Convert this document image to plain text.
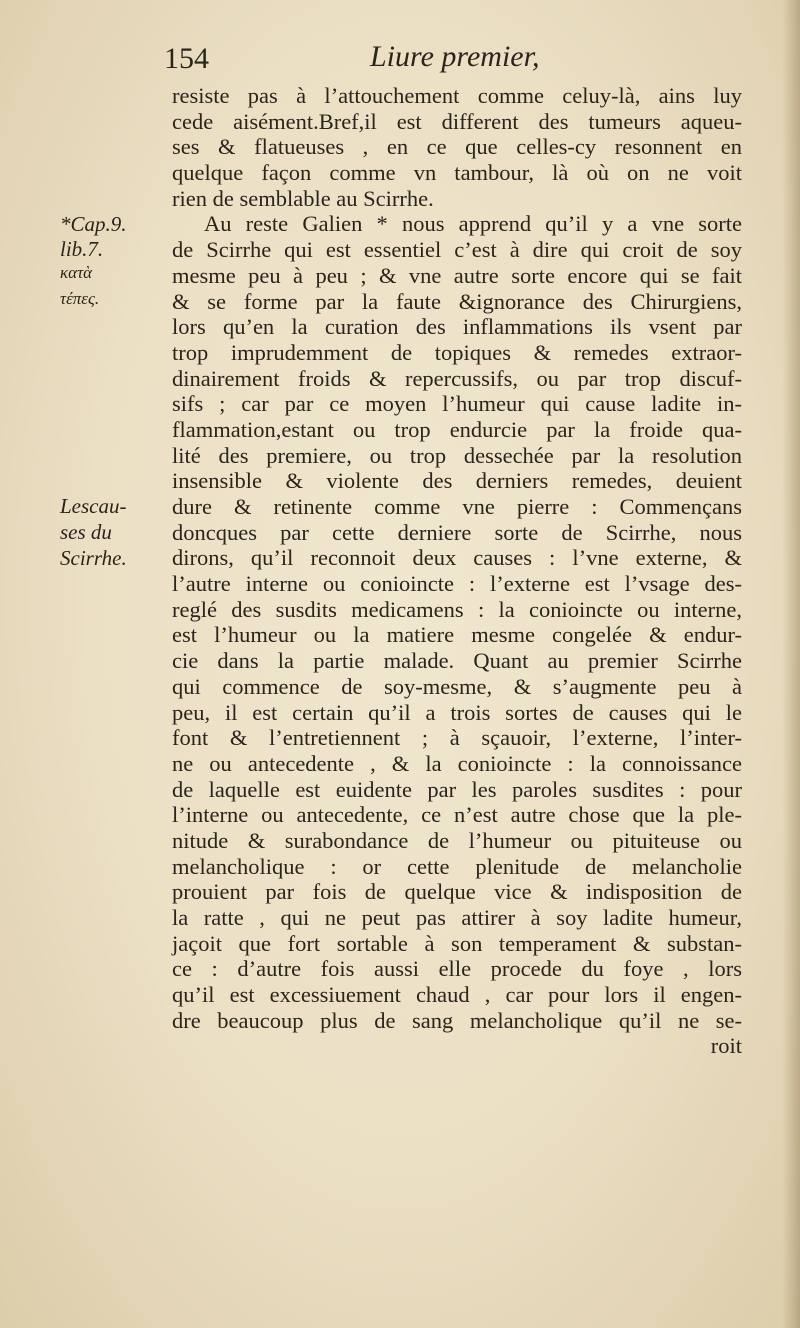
154	Liure premier,
*Cap.9.
lib.7.
κατὰ
τέπες.
Lescau-
ses du
Scirrhe.
resiste pas à l’attouchement comme celuy-là, ains luy
cede aisément.Bref,il est different des tumeurs aqueu-
ses & flatueuses , en ce que celles-cy resonnent en
quelque façon comme vn tambour, là où on ne voit
rien de semblable au Scirrhe.
Au reste Galien * nous apprend qu’il y a vne sorte
de Scirrhe qui est essentiel c’est à dire qui croit de soy
mesme peu à peu ; & vne autre sorte encore qui se fait
& se forme par la faute &ignorance des Chirurgiens,
lors qu’en la curation des inflammations ils vsent par
trop imprudemment de topiques & remedes extraor-
dinairement froids & repercussifs, ou par trop discuf-
sifs ; car par ce moyen l’humeur qui cause ladite in-
flammation,estant ou trop endurcie par la froide qua-
lité des premiere, ou trop dessechée par la resolution
insensible & violente des derniers remedes, deuient
dure & retinente comme vne pierre : Commençans
doncques par cette derniere sorte de Scirrhe, nous
dirons, qu’il reconnoit deux causes : l’vne externe, &
l’autre interne ou conioincte : l’externe est l’vsage des-
reglé des susdits medicamens : la conioincte ou interne,
est l’humeur ou la matiere mesme congelée & endur-
cie dans la partie malade. Quant au premier Scirrhe
qui commence de soy-mesme, & s’augmente peu à
peu, il est certain qu’il a trois sortes de causes qui le
font & l’entretiennent ; à sçauoir, l’externe, l’inter-
ne ou antecedente , & la conioincte : la connoissance
de laquelle est euidente par les paroles susdites : pour
l’interne ou antecedente, ce n’est autre chose que la ple-
nitude & surabondance de l’humeur ou pituiteuse ou
melancholique : or cette plenitude de melancholie
prouient par fois de quelque vice & indisposition de
la ratte , qui ne peut pas attirer à soy ladite humeur,
jaçoit que fort sortable à son temperament & substan-
ce : d’autre fois aussi elle procede du foye , lors
qu’il est excessiuement chaud , car pour lors il engen-
dre beaucoup plus de sang melancholique qu’il ne se-
roit
